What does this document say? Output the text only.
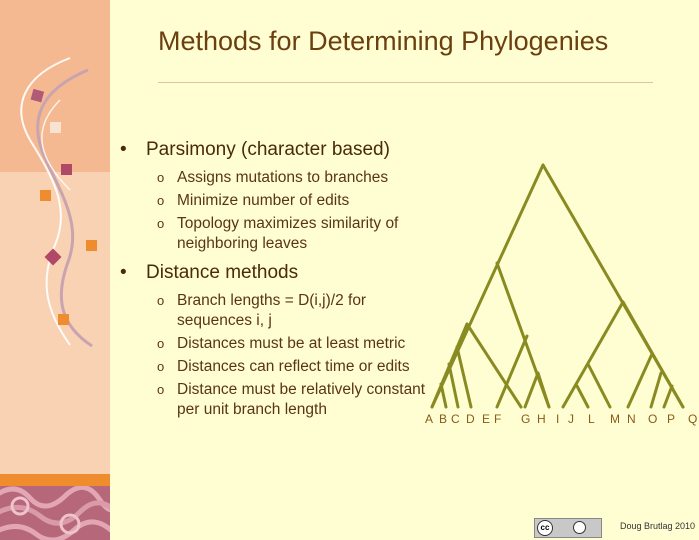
Methods for Determining Phylogenies
• Parsimony (character based)
o Assigns mutations to branches
o Minimize number of edits
o Topology maximizes similarity of neighboring leaves
• Distance methods
o Branch lengths = D(i,j)/2 for sequences i, j
o Distances must be at least metric
o Distances can reflect time or edits
o Distance must be relatively constant per unit branch length
A B C D E F G H I J L M N O P Q
cc	Doug Brutlag 2010
